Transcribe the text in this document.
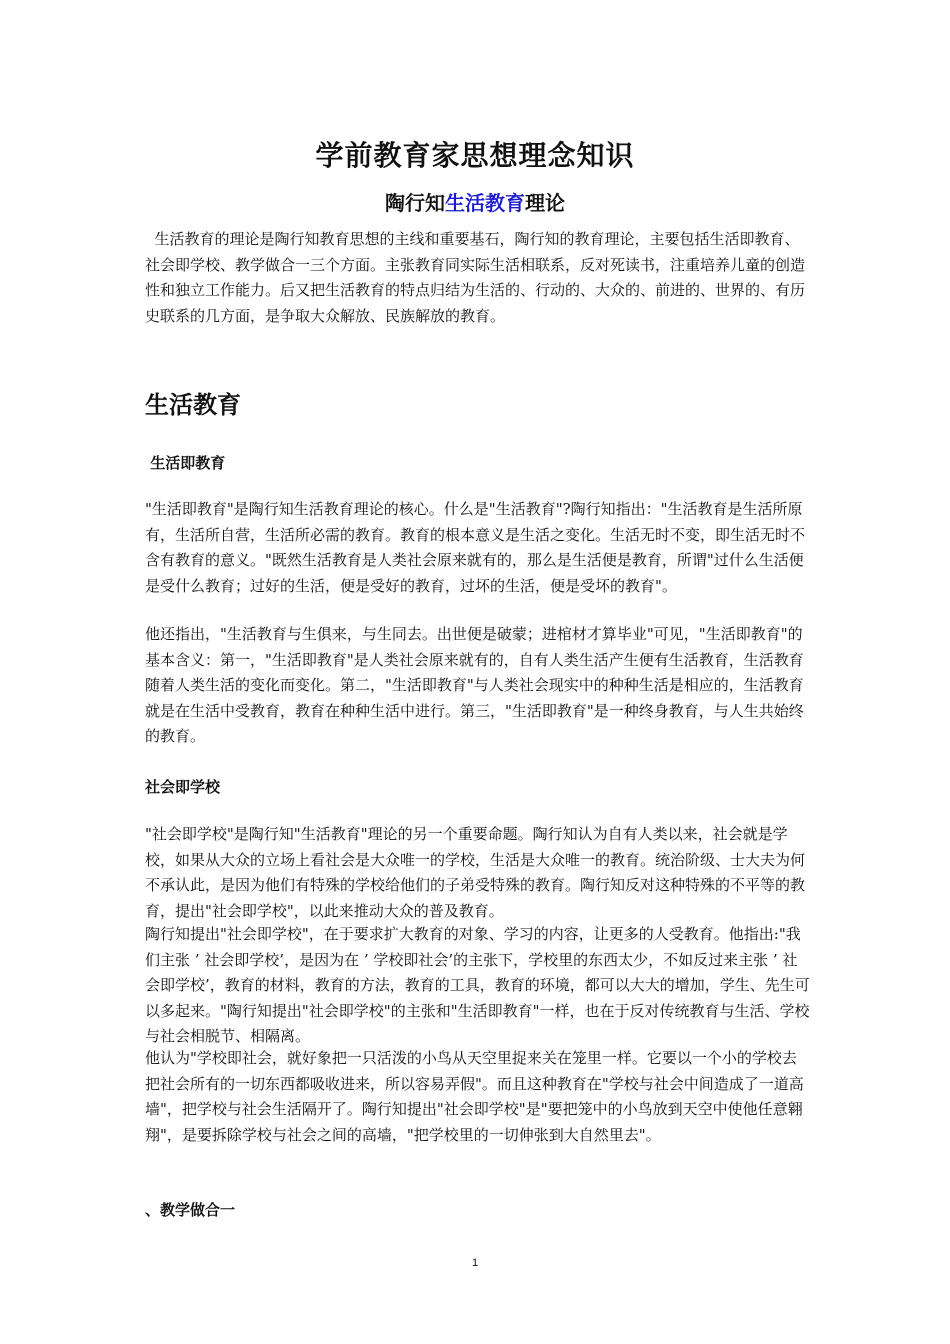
学前教育家思想理念知识
陶行知生活教育理论

生活教育的理论是陶行知教育思想的主线和重要基石，陶行知的教育理论，主要包括生活即教育、社会即学校、教学做合一三个方面。主张教育同实际生活相联系，反对死读书，注重培养儿童的创造性和独立工作能力。后又把生活教育的特点归结为生活的、行动的、大众的、前进的、世界的、有历史联系的几方面，是争取大众解放、民族解放的教育。

生活教育
生活即教育

"生活即教育"是陶行知生活教育理论的核心。什么是"生活教育"?陶行知指出："生活教育是生活所原有，生活所自营，生活所必需的教育。教育的根本意义是生活之变化。生活无时不变，即生活无时不含有教育的意义。"既然生活教育是人类社会原来就有的，那么是生活便是教育，所谓"过什么生活便是受什么教育；过好的生活，便是受好的教育，过坏的生活，便是受坏的教育"。

他还指出，"生活教育与生俱来，与生同去。出世便是破蒙；进棺材才算毕业"可见，"生活即教育"的基本含义：第一，"生活即教育"是人类社会原来就有的，自有人类生活产生便有生活教育，生活教育随着人类生活的变化而变化。第二，"生活即教育"与人类社会现实中的种种生活是相应的，生活教育就是在生活中受教育，教育在种种生活中进行。第三，"生活即教育"是一种终身教育，与人生共始终的教育。

社会即学校

"社会即学校"是陶行知"生活教育"理论的另一个重要命题。陶行知认为自有人类以来，社会就是学校，如果从大众的立场上看社会是大众唯一的学校，生活是大众唯一的教育。统治阶级、士大夫为何不承认此，是因为他们有特殊的学校给他们的子弟受特殊的教育。陶行知反对这种特殊的不平等的教育，提出"社会即学校"，以此来推动大众的普及教育。

陶行知提出"社会即学校"，在于要求扩大教育的对象、学习的内容，让更多的人受教育。他指出:"我们主张 ’ 社会即学校’，是因为在 ’ 学校即社会’的主张下，学校里的东西太少，不如反过来主张 ’ 社会即学校’，教育的材料，教育的方法，教育的工具，教育的环境，都可以大大的增加，学生、先生可以多起来。"陶行知提出"社会即学校"的主张和"生活即教育"一样，也在于反对传统教育与生活、学校与社会相脱节、相隔离。

他认为"学校即社会，就好象把一只活泼的小鸟从天空里捉来关在笼里一样。它要以一个小的学校去把社会所有的一切东西都吸收进来，所以容易弄假"。而且这种教育在"学校与社会中间造成了一道高墙"，把学校与社会生活隔开了。陶行知提出"社会即学校"是"要把笼中的小鸟放到天空中使他任意翱翔"，是要拆除学校与社会之间的高墙，"把学校里的一切伸张到大自然里去"。

、教学做合一
1
